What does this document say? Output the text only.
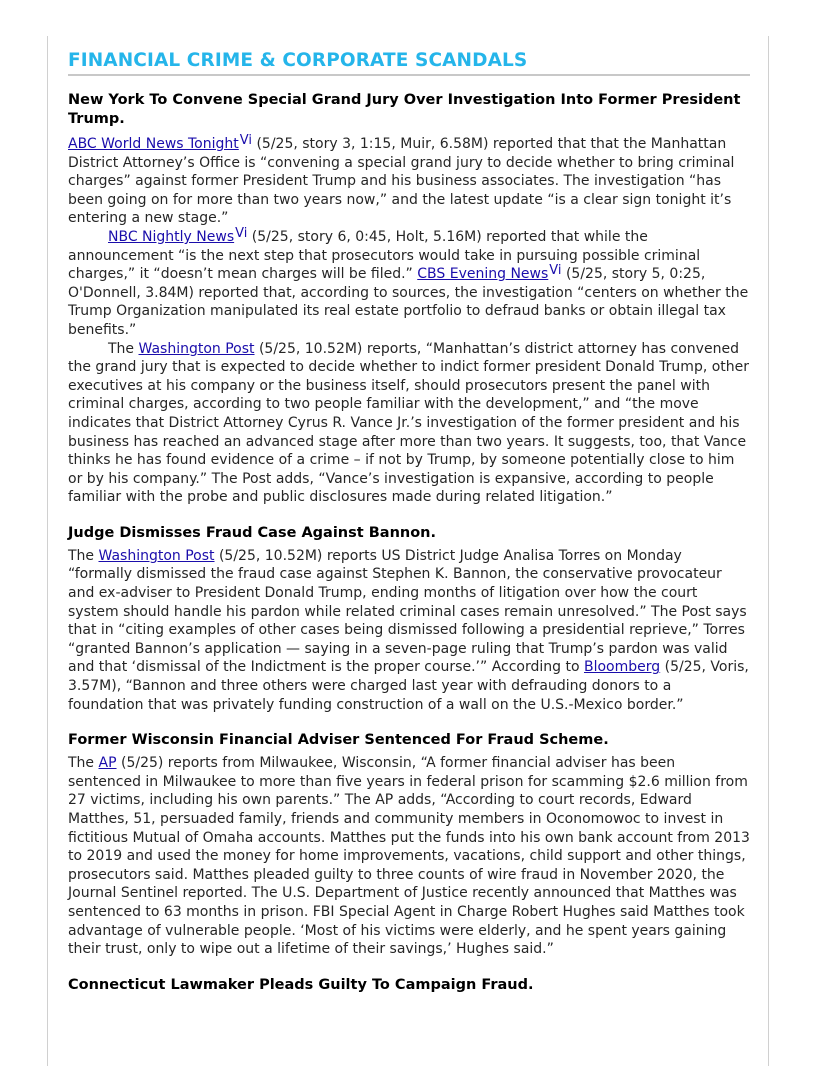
FINANCIAL CRIME & CORPORATE SCANDALS
New York To Convene Special Grand Jury Over Investigation Into Former President Trump.

ABC World News TonightVi (5/25, story 3, 1:15, Muir, 6.58M) reported that that the Manhattan District Attorney’s Office is “convening a special grand jury to decide whether to bring criminal charges” against former President Trump and his business associates. The investigation “has been going on for more than two years now,” and the latest update “is a clear sign tonight it’s entering a new stage.”

NBC Nightly NewsVi (5/25, story 6, 0:45, Holt, 5.16M) reported that while the announcement “is the next step that prosecutors would take in pursuing possible criminal charges,” it “doesn’t mean charges will be filed.” CBS Evening NewsVi (5/25, story 5, 0:25, O'Donnell, 3.84M) reported that, according to sources, the investigation “centers on whether the Trump Organization manipulated its real estate portfolio to defraud banks or obtain illegal tax benefits.”

The Washington Post (5/25, 10.52M) reports, “Manhattan’s district attorney has convened the grand jury that is expected to decide whether to indict former president Donald Trump, other executives at his company or the business itself, should prosecutors present the panel with criminal charges, according to two people familiar with the development,” and “the move indicates that District Attorney Cyrus R. Vance Jr.’s investigation of the former president and his business has reached an advanced stage after more than two years. It suggests, too, that Vance thinks he has found evidence of a crime – if not by Trump, by someone potentially close to him or by his company.” The Post adds, “Vance’s investigation is expansive, according to people familiar with the probe and public disclosures made during related litigation.”

Judge Dismisses Fraud Case Against Bannon.

The Washington Post (5/25, 10.52M) reports US District Judge Analisa Torres on Monday “formally dismissed the fraud case against Stephen K. Bannon, the conservative provocateur and ex-adviser to President Donald Trump, ending months of litigation over how the court system should handle his pardon while related criminal cases remain unresolved.” The Post says that in “citing examples of other cases being dismissed following a presidential reprieve,” Torres “granted Bannon’s application — saying in a seven-page ruling that Trump’s pardon was valid and that ‘dismissal of the Indictment is the proper course.’” According to Bloomberg (5/25, Voris, 3.57M), “Bannon and three others were charged last year with defrauding donors to a foundation that was privately funding construction of a wall on the U.S.-Mexico border.”

Former Wisconsin Financial Adviser Sentenced For Fraud Scheme.

The AP (5/25) reports from Milwaukee, Wisconsin, “A former financial adviser has been sentenced in Milwaukee to more than five years in federal prison for scamming $2.6 million from 27 victims, including his own parents.” The AP adds, “According to court records, Edward Matthes, 51, persuaded family, friends and community members in Oconomowoc to invest in fictitious Mutual of Omaha accounts. Matthes put the funds into his own bank account from 2013 to 2019 and used the money for home improvements, vacations, child support and other things, prosecutors said. Matthes pleaded guilty to three counts of wire fraud in November 2020, the Journal Sentinel reported. The U.S. Department of Justice recently announced that Matthes was sentenced to 63 months in prison. FBI Special Agent in Charge Robert Hughes said Matthes took advantage of vulnerable people. ‘Most of his victims were elderly, and he spent years gaining their trust, only to wipe out a lifetime of their savings,’ Hughes said.”

Connecticut Lawmaker Pleads Guilty To Campaign Fraud.
